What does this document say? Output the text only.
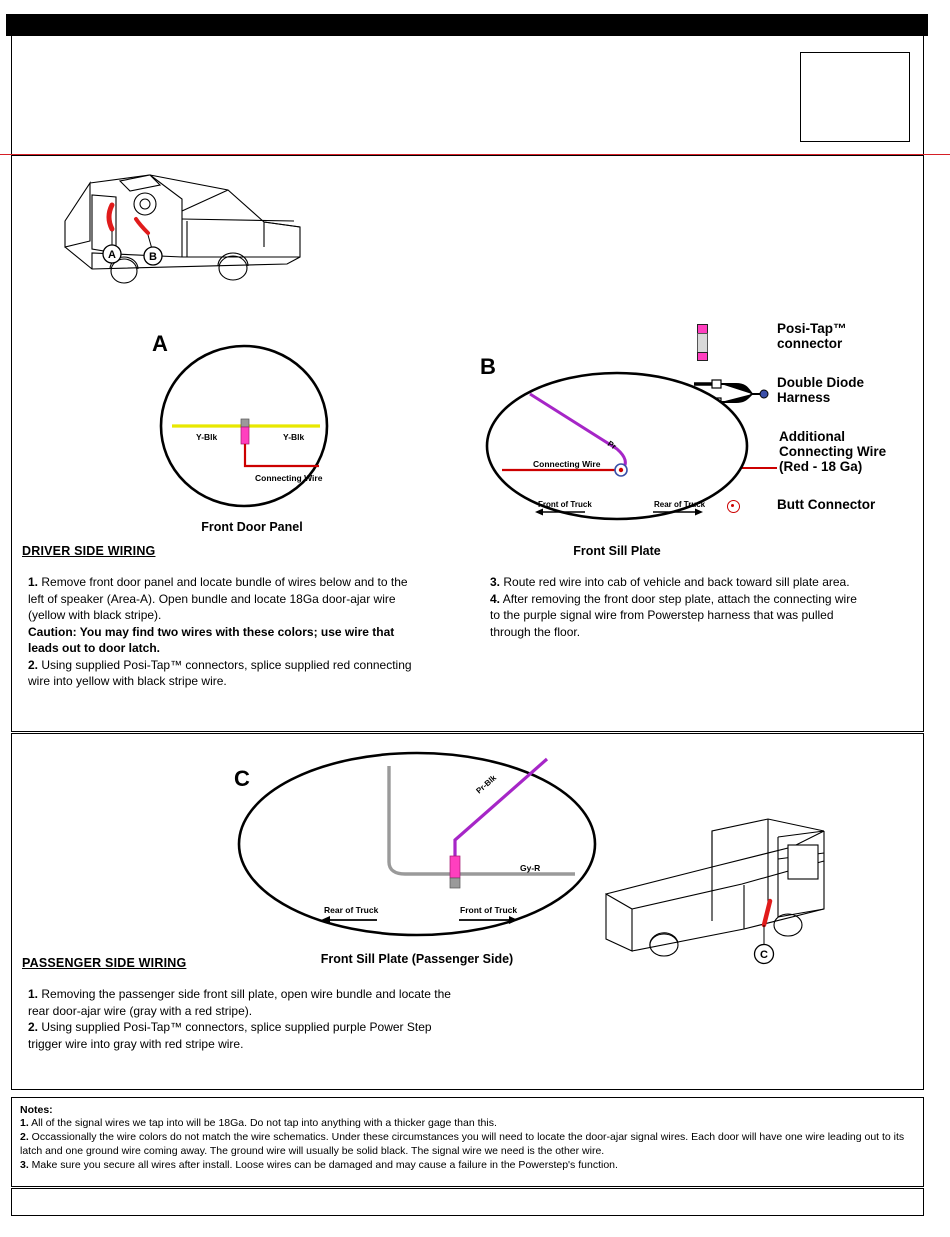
A	B
Posi-Tap™
connector
Double Diode
Harness
Additional
Connecting Wire
(Red - 18 Ga)
Butt Connector
A
Y-Blk	Y-Blk
Connecting Wire
Front Door Panel
B
Pr
Connecting Wire
Front of Truck	Rear of Truck
Front Sill Plate
DRIVER SIDE WIRING
1. Remove front door panel and locate bundle of wires below and to the left of speaker (Area-A). Open bundle and locate 18Ga door-ajar wire (yellow with black stripe).
Caution: You may find two wires with these colors; use wire that leads out to door latch.
2. Using supplied Posi-Tap™ connectors, splice supplied red connecting wire into yellow with black stripe wire.
3. Route red wire into cab of vehicle and back toward sill plate area.
4. After removing the front door step plate, attach the connecting wire to the purple signal wire from Powerstep harness that was pulled through the floor.
C	Pr-Blk
Gy-R
Rear of Truck	Front of Truck
Front Sill Plate (Passenger Side)	C
PASSENGER SIDE WIRING
1. Removing the passenger side front sill plate, open wire bundle and locate the rear door-ajar wire (gray with a red stripe).
2. Using supplied Posi-Tap™ connectors, splice supplied purple Power Step trigger wire into gray with red stripe wire.
Notes:
1. All of the signal wires we tap into will be 18Ga. Do not tap into anything with a thicker gage than this.
2. Occassionally the wire colors do not match the wire schematics. Under these circumstances you will need to locate the door-ajar signal wires. Each door will have one wire leading out to its latch and one ground wire coming away. The ground wire will usually be solid black. The signal wire we need is the other wire.
3. Make sure you secure all wires after install. Loose wires can be damaged and may cause a failure in the Powerstep's function.
